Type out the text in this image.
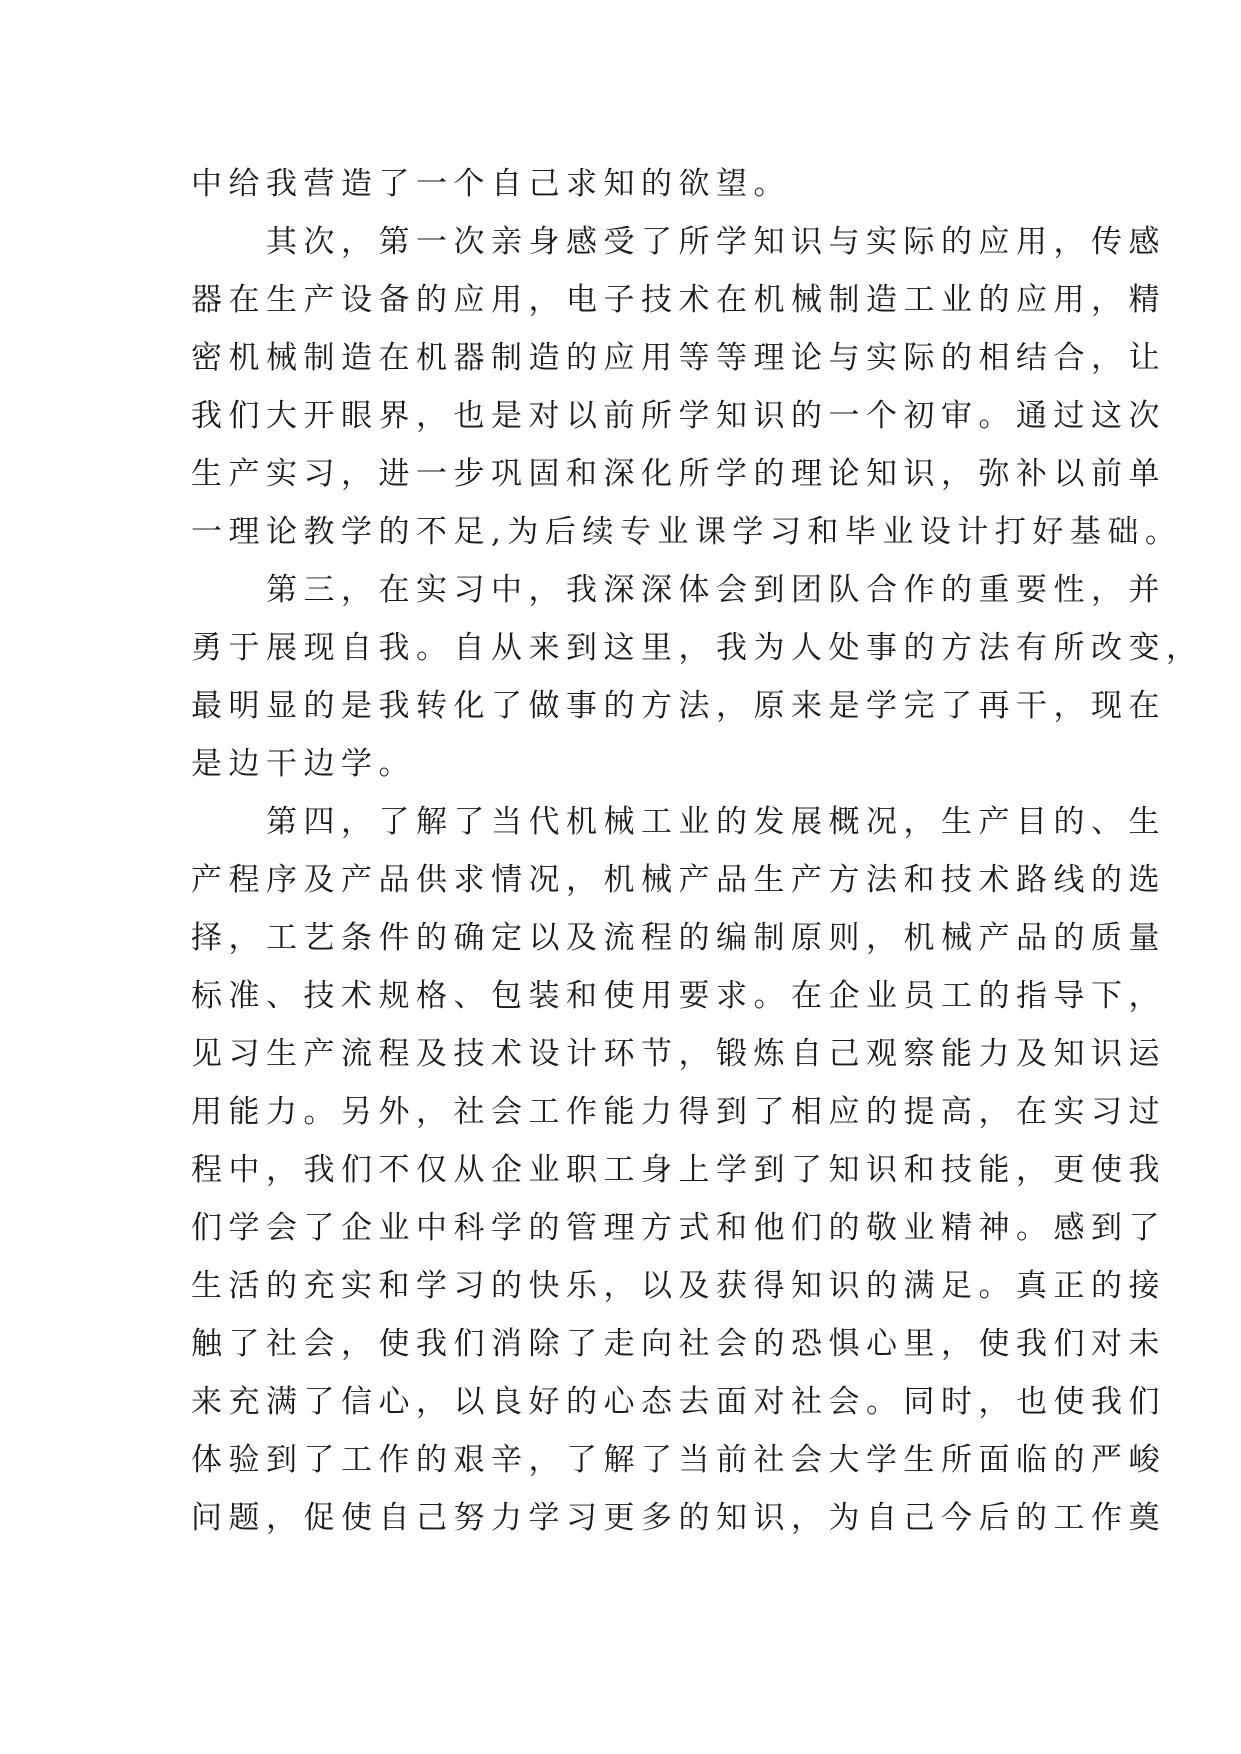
中给我营造了一个自己求知的欲望。
　　其次，第一次亲身感受了所学知识与实际的应用，传感
器在生产设备的应用，电子技术在机械制造工业的应用，精
密机械制造在机器制造的应用等等理论与实际的相结合，让
我们大开眼界，也是对以前所学知识的一个初审。通过这次
生产实习，进一步巩固和深化所学的理论知识，弥补以前单
一理论教学的不足,为后续专业课学习和毕业设计打好基础。
　　第三，在实习中，我深深体会到团队合作的重要性，并
勇于展现自我。自从来到这里，我为人处事的方法有所改变，
最明显的是我转化了做事的方法，原来是学完了再干，现在
是边干边学。
　　第四，了解了当代机械工业的发展概况，生产目的、生
产程序及产品供求情况，机械产品生产方法和技术路线的选
择，工艺条件的确定以及流程的编制原则，机械产品的质量
标准、技术规格、包装和使用要求。在企业员工的指导下，
见习生产流程及技术设计环节，锻炼自己观察能力及知识运
用能力。另外，社会工作能力得到了相应的提高，在实习过
程中，我们不仅从企业职工身上学到了知识和技能，更使我
们学会了企业中科学的管理方式和他们的敬业精神。感到了
生活的充实和学习的快乐，以及获得知识的满足。真正的接
触了社会，使我们消除了走向社会的恐惧心里，使我们对未
来充满了信心，以良好的心态去面对社会。同时，也使我们
体验到了工作的艰辛，了解了当前社会大学生所面临的严峻
问题，促使自己努力学习更多的知识，为自己今后的工作奠
